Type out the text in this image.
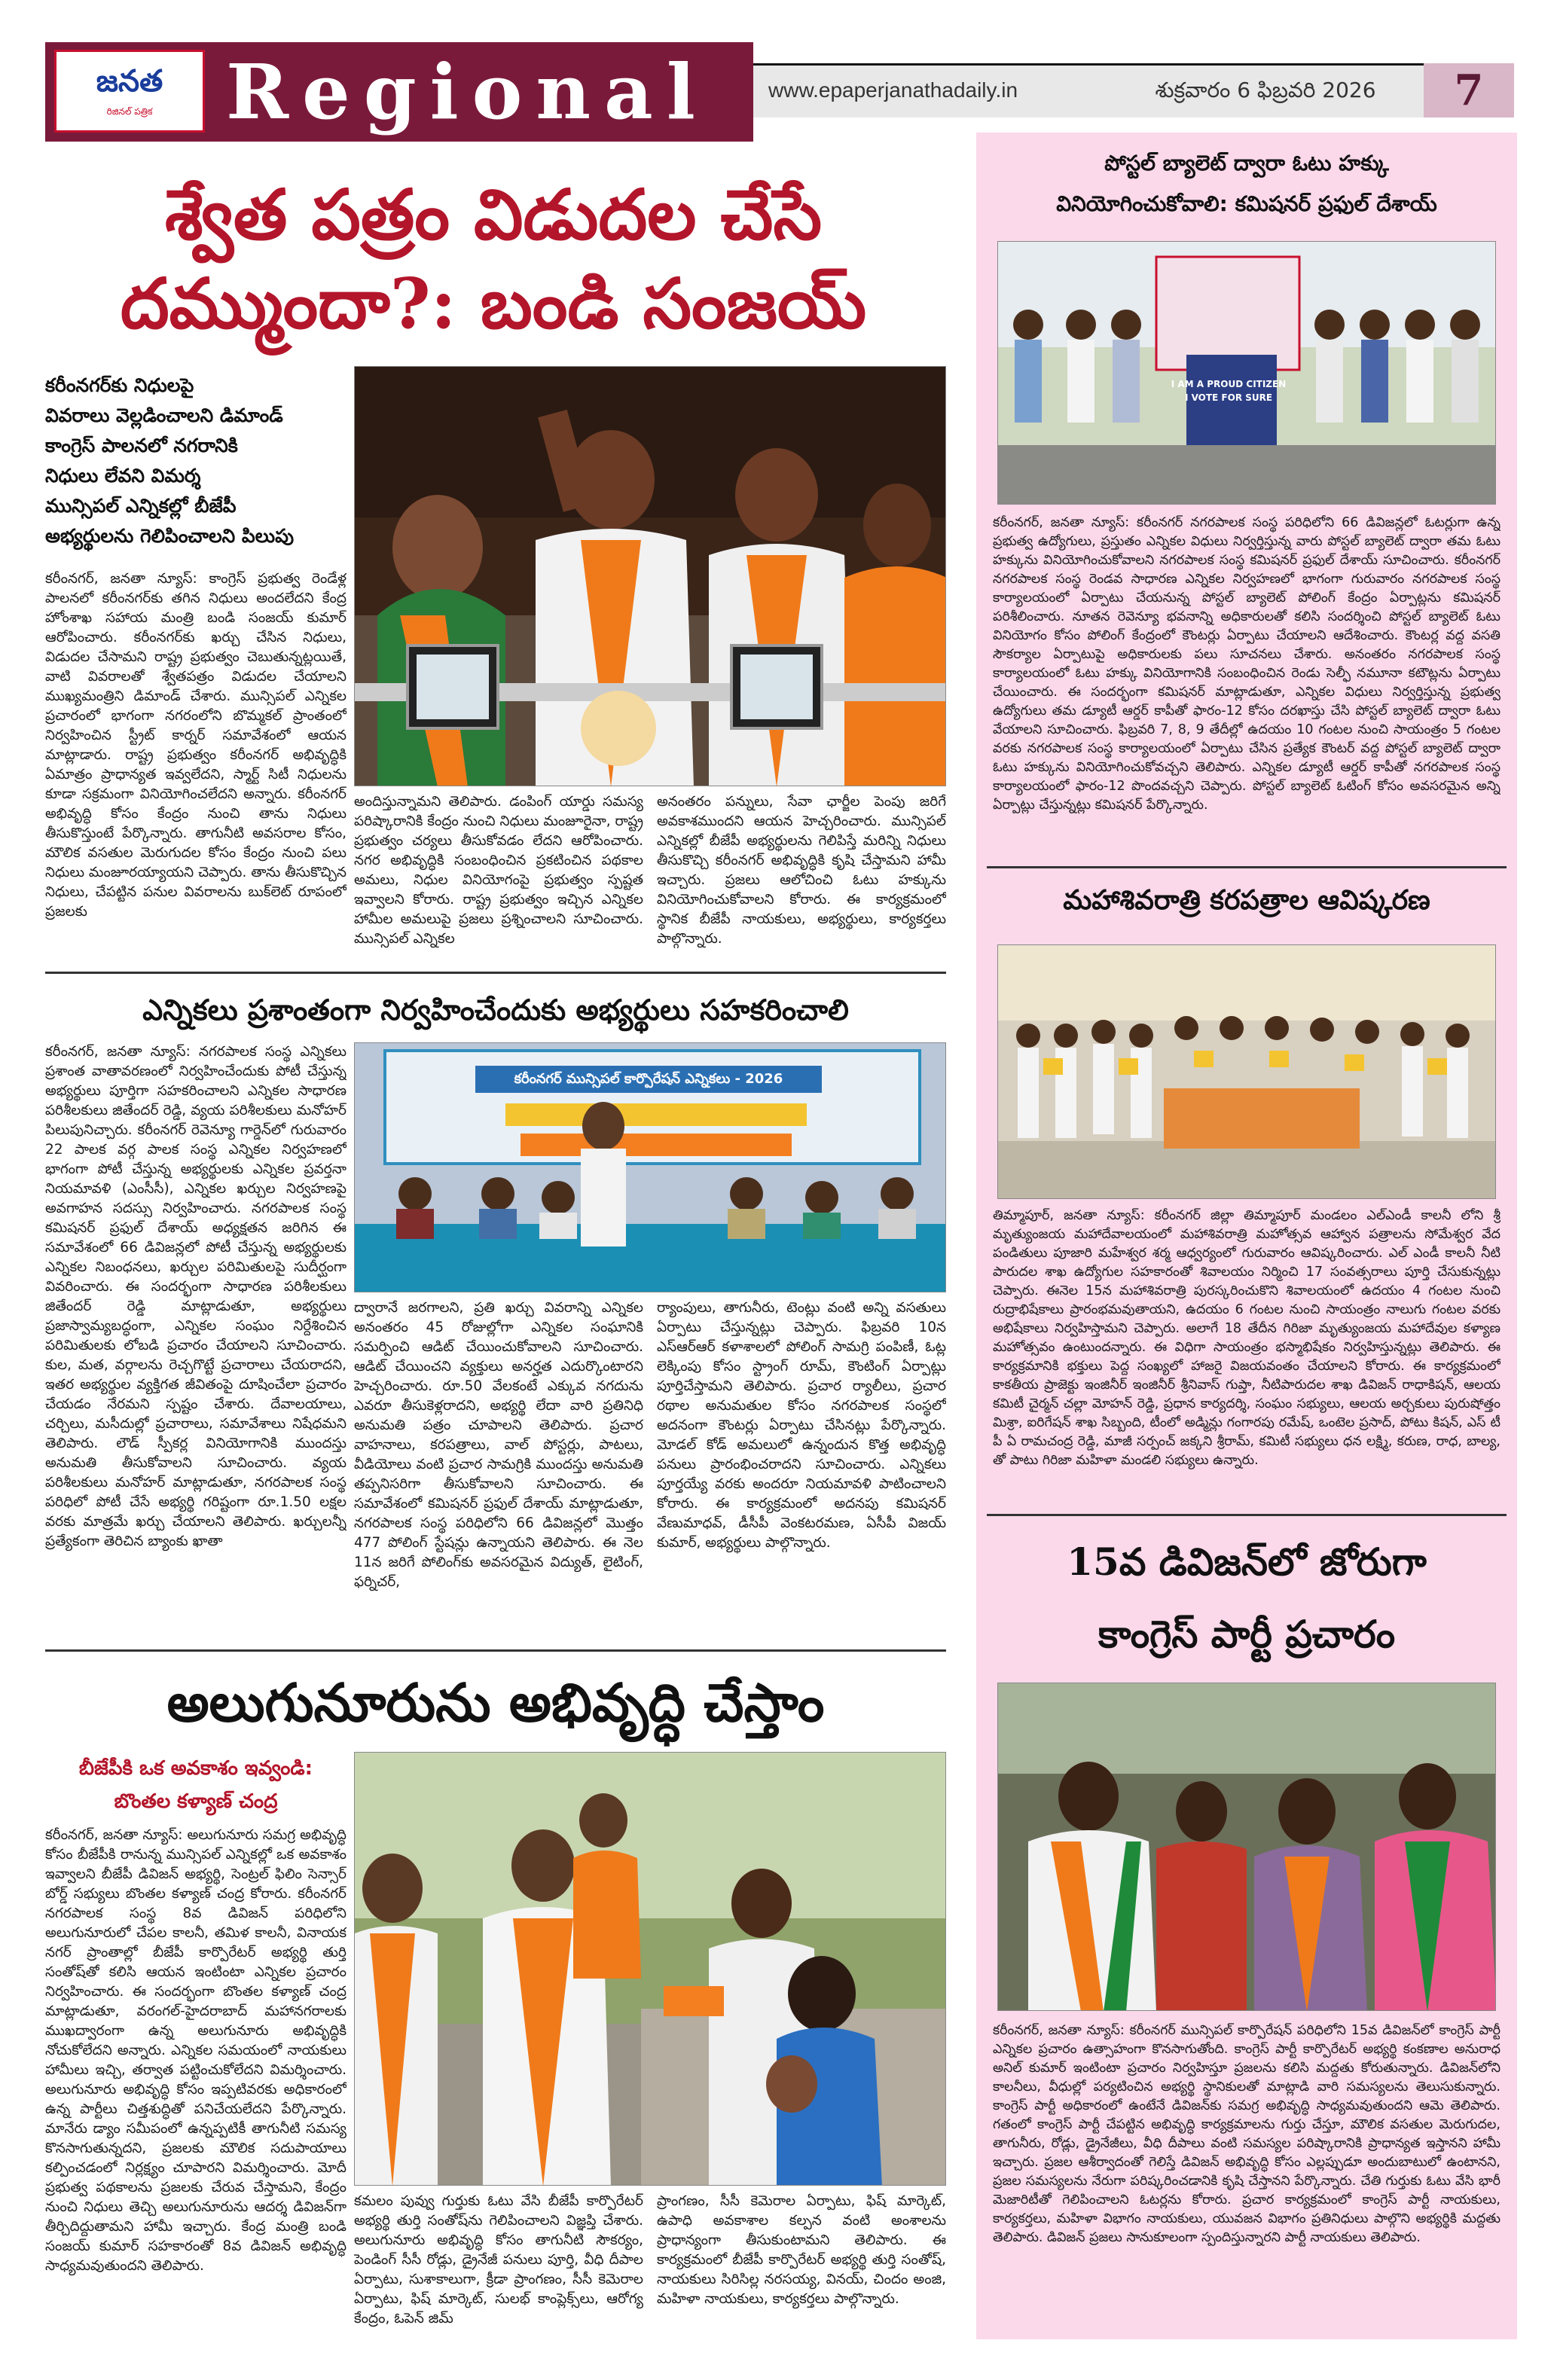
జనత
రిజినల్ పత్రిక Regional	www.epaperjanathadaily.in	శుక్రవారం 6 ఫిబ్రవరి 2026	7
శ్వేత పత్రం విడుదల చేసే
దమ్ముందా?: బండి సంజయ్
కరీంనగర్‌కు నిధులపై
వివరాలు వెల్లడించాలని డిమాండ్
కాంగ్రెస్ పాలనలో నగరానికి
నిధులు లేవని విమర్శ
మున్సిపల్ ఎన్నికల్లో బీజేపీ
అభ్యర్థులను గెలిపించాలని పిలుపు
కరీంనగర్, జనతా న్యూస్: కాంగ్రెస్ ప్రభుత్వ రెండేళ్ల పాలనలో కరీంనగర్‌కు తగిన నిధులు అందలేదని కేంద్ర హోంశాఖ సహాయ మంత్రి బండి సంజయ్ కుమార్ ఆరోపించారు. కరీంనగర్‌కు ఖర్చు చేసిన నిధులు, విడుదల చేసామని రాష్ట్ర ప్రభుత్వం చెబుతున్నట్లయితే, వాటి వివరాలతో శ్వేతపత్రం విడుదల చేయాలని ముఖ్యమంత్రిని డిమాండ్ చేశారు. మున్సిపల్ ఎన్నికల ప్రచారంలో భాగంగా నగరంలోని బొమ్మకల్ ప్రాంతంలో నిర్వహించిన స్ట్రీట్ కార్నర్ సమావేశంలో ఆయన మాట్లాడారు. రాష్ట్ర ప్రభుత్వం కరీంనగర్ అభివృద్ధికి ఏమాత్రం ప్రాధాన్యత ఇవ్వలేదని, స్మార్ట్ సిటీ నిధులను కూడా సక్రమంగా వినియోగించలేదని అన్నారు. కరీంనగర్ అభివృద్ధి కోసం కేంద్రం నుంచి తాను నిధులు తీసుకొస్తుంటే పేర్కొన్నారు. తాగునీటి అవసరాల కోసం, మౌలిక వసతుల మెరుగుదల కోసం కేంద్రం నుంచి పలు నిధులు మంజూరయ్యాయని చెప్పారు. తాను తీసుకొచ్చిన నిధులు, చేపట్టిన పనుల వివరాలను బుక్‌లెట్ రూపంలో ప్రజలకు
అందిస్తున్నామని తెలిపారు. డంపింగ్ యార్డు సమస్య పరిష్కారానికి కేంద్రం నుంచి నిధులు మంజూరైనా, రాష్ట్ర ప్రభుత్వం చర్యలు తీసుకోవడం లేదని ఆరోపించారు. నగర అభివృద్ధికి సంబంధించిన ప్రకటించిన పథకాల అమలు, నిధుల వినియోగంపై ప్రభుత్వం స్పష్టత ఇవ్వాలని కోరారు. రాష్ట్ర ప్రభుత్వం ఇచ్చిన ఎన్నికల హామీల అమలుపై ప్రజలు ప్రశ్నించాలని సూచించారు. మున్సిపల్ ఎన్నికల
అనంతరం పన్నులు, సేవా ఛార్జీల పెంపు జరిగే అవకాశముందని ఆయన హెచ్చరించారు. మున్సిపల్ ఎన్నికల్లో బీజేపీ అభ్యర్థులను గెలిపిస్తే మరిన్ని నిధులు తీసుకొచ్చి కరీంనగర్ అభివృద్ధికి కృషి చేస్తామని హామీ ఇచ్చారు. ప్రజలు ఆలోచించి ఓటు హక్కును వినియోగించుకోవాలని కోరారు. ఈ కార్యక్రమంలో స్థానిక బీజేపీ నాయకులు, అభ్యర్థులు, కార్యకర్తలు పాల్గొన్నారు.
ఎన్నికలు ప్రశాంతంగా నిర్వహించేందుకు అభ్యర్థులు సహకరించాలి
కరీంనగర్, జనతా న్యూస్: నగరపాలక సంస్థ ఎన్నికలు ప్రశాంత వాతావరణంలో నిర్వహించేందుకు పోటీ చేస్తున్న అభ్యర్థులు పూర్తిగా సహకరించాలని ఎన్నికల సాధారణ పరిశీలకులు జితేందర్ రెడ్డి, వ్యయ పరిశీలకులు మనోహర్ పిలుపునిచ్చారు. కరీంనగర్ రెవెన్యూ గార్డెన్‌లో గురువారం 22 పాలక వర్గ పాలక సంస్థ ఎన్నికల నిర్వహణలో భాగంగా పోటీ చేస్తున్న అభ్యర్థులకు ఎన్నికల ప్రవర్తనా నియమావళి (ఎంసీసీ), ఎన్నికల ఖర్చుల నిర్వహణపై అవగాహన సదస్సు నిర్వహించారు. నగరపాలక సంస్థ కమిషనర్ ప్రఫుల్ దేశాయ్ అధ్యక్షతన జరిగిన ఈ సమావేశంలో 66 డివిజన్లలో పోటీ చేస్తున్న అభ్యర్థులకు ఎన్నికల నిబంధనలు, ఖర్చుల పరిమితులపై సుదీర్ఘంగా వివరించారు. ఈ సందర్భంగా సాధారణ పరిశీలకులు జితేందర్ రెడ్డి మాట్లాడుతూ, అభ్యర్థులు ప్రజాస్వామ్యబద్ధంగా, ఎన్నికల సంఘం నిర్దేశించిన పరిమితులకు లోబడి ప్రచారం చేయాలని సూచించారు. కుల, మత, వర్గాలను రెచ్చగొట్టే ప్రచారాలు చేయరాదని, ఇతర అభ్యర్థుల వ్యక్తిగత జీవితంపై దూషించేలా ప్రచారం చేయడం నేరమని స్పష్టం చేశారు. దేవాలయాలు, చర్చిలు, మసీదుల్లో ప్రచారాలు, సమావేశాలు నిషేధమని తెలిపారు. లౌడ్ స్పీకర్ల వినియోగానికి ముందస్తు అనుమతి తీసుకోవాలని సూచించారు. వ్యయ పరిశీలకులు మనోహర్ మాట్లాడుతూ, నగరపాలక సంస్థ పరిధిలో పోటీ చేసే అభ్యర్థి గరిష్టంగా రూ.1.50 లక్షల వరకు మాత్రమే ఖర్చు చేయాలని తెలిపారు. ఖర్చులన్నీ ప్రత్యేకంగా తెరిచిన బ్యాంకు ఖాతా
కరీంనగర్ మున్సిపల్ కార్పొరేషన్ ఎన్నికలు - 2026
ద్వారానే జరగాలని, ప్రతి ఖర్చు వివరాన్ని ఎన్నికల అనంతరం 45 రోజుల్లోగా ఎన్నికల సంఘానికి సమర్పించి ఆడిట్ చేయించుకోవాలని సూచించారు. ఆడిట్ చేయించని వ్యక్తులు అనర్హత ఎదుర్కొంటారని హెచ్చరించారు. రూ.50 వేలకంటే ఎక్కువ నగదును ఎవరూ తీసుకెళ్లరాదని, అభ్యర్థి లేదా వారి ప్రతినిధి అనుమతి పత్రం చూపాలని తెలిపారు. ప్రచార వాహనాలు, కరపత్రాలు, వాల్ పోస్టర్లు, పాటలు, వీడియోలు వంటి ప్రచార సామగ్రికి ముందస్తు అనుమతి తప్పనిసరిగా తీసుకోవాలని సూచించారు. ఈ సమావేశంలో కమిషనర్ ప్రఫుల్ దేశాయ్ మాట్లాడుతూ, నగరపాలక సంస్థ పరిధిలోని 66 డివిజన్లలో మొత్తం 477 పోలింగ్ స్టేషన్లు ఉన్నాయని తెలిపారు. ఈ నెల 11న జరిగే పోలింగ్‌కు అవసరమైన విద్యుత్, లైటింగ్, ఫర్నిచర్,
ర్యాంపులు, తాగునీరు, టెంట్లు వంటి అన్ని వసతులు ఏర్పాటు చేస్తున్నట్లు చెప్పారు. ఫిబ్రవరి 10న ఎస్ఆర్ఆర్ కళాశాలలో పోలింగ్ సామగ్రి పంపిణీ, ఓట్ల లెక్కింపు కోసం స్ట్రాంగ్ రూమ్, కౌంటింగ్ ఏర్పాట్లు పూర్తిచేస్తామని తెలిపారు. ప్రచార ర్యాలీలు, ప్రచార రథాల అనుమతుల కోసం నగరపాలక సంస్థలో అదనంగా కౌంటర్లు ఏర్పాటు చేసినట్లు పేర్కొన్నారు. మోడల్ కోడ్ అమలులో ఉన్నందున కొత్త అభివృద్ధి పనులు ప్రారంభించరాదని సూచించారు. ఎన్నికలు పూర్తయ్యే వరకు అందరూ నియమావళి పాటించాలని కోరారు. ఈ కార్యక్రమంలో అదనపు కమిషనర్ వేణుమాధవ్, డీసీపీ వెంకటరమణ, ఏసీపీ విజయ్ కుమార్, అభ్యర్థులు పాల్గొన్నారు.
అలుగునూరును అభివృద్ధి చేస్తాం
బీజేపీకి ఒక అవకాశం ఇవ్వండి:
బొంతల కళ్యాణ్ చంద్ర
కరీంనగర్, జనతా న్యూస్: అలుగునూరు సమగ్ర అభివృద్ధి కోసం బీజేపీకి రానున్న మున్సిపల్ ఎన్నికల్లో ఒక అవకాశం ఇవ్వాలని బీజేపీ డివిజన్ అభ్యర్థి, సెంట్రల్ ఫిలిం సెన్సార్ బోర్డ్ సభ్యులు బొంతల కళ్యాణ్ చంద్ర కోరారు. కరీంనగర్ నగరపాలక సంస్థ 8వ డివిజన్ పరిధిలోని అలుగునూరులో చేపల కాలనీ, తమిళ కాలనీ, వినాయక నగర్ ప్రాంతాల్లో బీజేపీ కార్పొరేటర్ అభ్యర్థి తుర్తి సంతోష్‌తో కలిసి ఆయన ఇంటింటా ఎన్నికల ప్రచారం నిర్వహించారు. ఈ సందర్భంగా బొంతల కళ్యాణ్ చంద్ర మాట్లాడుతూ, వరంగల్-హైదరాబాద్ మహానగరాలకు ముఖద్వారంగా ఉన్న అలుగునూరు అభివృద్ధికి నోచుకోలేదని అన్నారు. ఎన్నికల సమయంలో నాయకులు హామీలు ఇచ్చి, తర్వాత పట్టించుకోలేదని విమర్శించారు. అలుగునూరు అభివృద్ధి కోసం ఇప్పటివరకు అధికారంలో ఉన్న పార్టీలు చిత్తశుద్ధితో పనిచేయలేదని పేర్కొన్నారు. మానేరు డ్యాం సమీపంలో ఉన్నప్పటికీ తాగునీటి సమస్య కొనసాగుతున్నదని, ప్రజలకు మౌలిక సదుపాయాలు కల్పించడంలో నిర్లక్ష్యం చూపారని విమర్శించారు. మోదీ ప్రభుత్వ పథకాలను ప్రజలకు చేరువ చేస్తామని, కేంద్రం నుంచి నిధులు తెచ్చి అలుగునూరును ఆదర్శ డివిజన్‌గా తీర్చిదిద్దుతామని హామీ ఇచ్చారు. కేంద్ర మంత్రి బండి సంజయ్ కుమార్ సహకారంతో 8వ డివిజన్ అభివృద్ధి సాధ్యమవుతుందని తెలిపారు.
కమలం పువ్వు గుర్తుకు ఓటు వేసి బీజేపీ కార్పొరేటర్ అభ్యర్థి తుర్తి సంతోష్‌ను గెలిపించాలని విజ్ఞప్తి చేశారు. అలుగునూరు అభివృద్ధి కోసం తాగునీటి సౌకర్యం, పెండింగ్ సీసీ రోడ్లు, డ్రైనేజీ పనులు పూర్తి, వీధి దీపాల ఏర్పాటు, సుశాకాలుగా, క్రీడా ప్రాంగణం, సీసీ కెమెరాల ఏర్పాటు, ఫిష్ మార్కెట్, సులభ్ కాంప్లెక్స్‌లు, ఆరోగ్య కేంద్రం, ఓపెన్ జిమ్
ప్రాంగణం, సీసీ కెమెరాల ఏర్పాటు, ఫిష్ మార్కెట్, ఉపాధి అవకాశాల కల్పన వంటి అంశాలను ప్రాధాన్యంగా తీసుకుంటామని తెలిపారు. ఈ కార్యక్రమంలో బీజేపీ కార్పొరేటర్ అభ్యర్థి తుర్తి సంతోష్, నాయకులు సిరిసిల్ల నరసయ్య, వినయ్, చిందం అంజి, మహిళా నాయకులు, కార్యకర్తలు పాల్గొన్నారు.
పోస్టల్ బ్యాలెట్ ద్వారా ఓటు హక్కు
వినియోగించుకోవాలి: కమిషనర్ ప్రఫుల్ దేశాయ్
I AM A PROUD CITIZEN I VOTE FOR SURE
కరీంనగర్, జనతా న్యూస్: కరీంనగర్ నగరపాలక సంస్థ పరిధిలోని 66 డివిజన్లలో ఓటర్లుగా ఉన్న ప్రభుత్వ ఉద్యోగులు, ప్రస్తుతం ఎన్నికల విధులు నిర్వర్తిస్తున్న వారు పోస్టల్ బ్యాలెట్ ద్వారా తమ ఓటు హక్కును వినియోగించుకోవాలని నగరపాలక సంస్థ కమిషనర్ ప్రఫుల్ దేశాయ్ సూచించారు. కరీంనగర్ నగరపాలక సంస్థ రెండవ సాధారణ ఎన్నికల నిర్వహణలో భాగంగా గురువారం నగరపాలక సంస్థ కార్యాలయంలో ఏర్పాటు చేయనున్న పోస్టల్ బ్యాలెట్ పోలింగ్ కేంద్రం ఏర్పాట్లను కమిషనర్ పరిశీలించారు. నూతన రెవెన్యూ భవనాన్ని అధికారులతో కలిసి సందర్శించి పోస్టల్ బ్యాలెట్ ఓటు వినియోగం కోసం పోలింగ్ కేంద్రంలో కౌంటర్లు ఏర్పాటు చేయాలని ఆదేశించారు. కౌంటర్ల వద్ద వసతి సౌకర్యాల ఏర్పాటుపై అధికారులకు పలు సూచనలు చేశారు. అనంతరం నగరపాలక సంస్థ కార్యాలయంలో ఓటు హక్కు వినియోగానికి సంబంధించిన రెండు సెల్ఫీ నమూనా కటౌట్లను ఏర్పాటు చేయించారు. ఈ సందర్భంగా కమిషనర్ మాట్లాడుతూ, ఎన్నికల విధులు నిర్వర్తిస్తున్న ప్రభుత్వ ఉద్యోగులు తమ డ్యూటీ ఆర్డర్ కాపీతో ఫారం-12 కోసం దరఖాస్తు చేసి పోస్టల్ బ్యాలెట్ ద్వారా ఓటు వేయాలని సూచించారు. ఫిబ్రవరి 7, 8, 9 తేదీల్లో ఉదయం 10 గంటల నుంచి సాయంత్రం 5 గంటల వరకు నగరపాలక సంస్థ కార్యాలయంలో ఏర్పాటు చేసిన ప్రత్యేక కౌంటర్ వద్ద పోస్టల్ బ్యాలెట్ ద్వారా ఓటు హక్కును వినియోగించుకోవచ్చని తెలిపారు. ఎన్నికల డ్యూటీ ఆర్డర్ కాపీతో నగరపాలక సంస్థ కార్యాలయంలో ఫారం-12 పొందవచ్చని చెప్పారు. పోస్టల్ బ్యాలెట్ ఓటింగ్ కోసం అవసరమైన అన్ని ఏర్పాట్లు చేస్తున్నట్లు కమిషనర్ పేర్కొన్నారు.
మహాశివరాత్రి కరపత్రాల ఆవిష్కరణ
తిమ్మాపూర్, జనతా న్యూస్: కరీంనగర్ జిల్లా తిమ్మాపూర్ మండలం ఎల్ఎండీ కాలనీ లోని శ్రీ మృత్యుంజయ మహాదేవాలయంలో మహాశివరాత్రి మహోత్సవ ఆహ్వాన పత్రాలను సోమేశ్వర వేద పండితులు పూజారి మహేశ్వర శర్మ ఆధ్వర్యంలో గురువారం ఆవిష్కరించారు. ఎల్ ఎండీ కాలనీ నీటి పారుదల శాఖ ఉద్యోగుల సహకారంతో శివాలయం నిర్మించి 17 సంవత్సరాలు పూర్తి చేసుకున్నట్లు చెప్పారు. ఈనెల 15న మహాశివరాత్రి పురస్కరించుకొని శివాలయంలో ఉదయం 4 గంటల నుంచి రుద్రాభిషేకాలు ప్రారంభమవుతాయని, ఉదయం 6 గంటల నుంచి సాయంత్రం నాలుగు గంటల వరకు అభిషేకాలు నిర్వహిస్తామని చెప్పారు. అలాగే 18 తేదీన గిరిజా మృత్యుంజయ మహాదేవుల కళ్యాణ మహోత్సవం ఉంటుందన్నారు. ఈ విధిగా సాయంత్రం భస్మాభిషేకం నిర్వహిస్తున్నట్లు తెలిపారు. ఈ కార్యక్రమానికి భక్తులు పెద్ద సంఖ్యలో హాజరై విజయవంతం చేయాలని కోరారు. ఈ కార్యక్రమంలో కాకతీయ ప్రాజెక్టు ఇంజినీర్ ఇంజినీర్ శ్రీనివాస్ గుప్తా, నీటిపారుదల శాఖ డివిజన్ రాధాకిషన్, ఆలయ కమిటీ చైర్మన్ చల్లా మోహన్ రెడ్డి, ప్రధాన కార్యదర్శి, సంఘం సభ్యులు, ఆలయ అర్చకులు పురుషోత్తం మిశ్రా, ఐరిగేషన్ శాఖ సిబ్బంది, టీంలో అడ్మిన్లు గంగారపు రమేష్, ఒంటెల ప్రసాద్, పోటు కిషన్, ఎస్ టీ పీ ఏ రామచంద్ర రెడ్డి, మాజీ సర్పంచ్ జక్కని శ్రీరామ్, కమిటీ సభ్యులు ధన లక్ష్మి, కరుణ, రాధ, బాల్య, తో పాటు గిరిజా మహిళా మండలి సభ్యులు ఉన్నారు.
15వ డివిజన్‌లో జోరుగా
కాంగ్రెస్ పార్టీ ప్రచారం
కరీంనగర్, జనతా న్యూస్: కరీంనగర్ మున్సిపల్ కార్పొరేషన్ పరిధిలోని 15వ డివిజన్‌లో కాంగ్రెస్ పార్టీ ఎన్నికల ప్రచారం ఉత్సాహంగా కొనసాగుతోంది. కాంగ్రెస్ పార్టీ కార్పొరేటర్ అభ్యర్థి కంకణాల అనురాధ అనిల్ కుమార్ ఇంటింటా ప్రచారం నిర్వహిస్తూ ప్రజలను కలిసి మద్దతు కోరుతున్నారు. డివిజన్‌లోని కాలనీలు, వీధుల్లో పర్యటించిన అభ్యర్థి స్థానికులతో మాట్లాడి వారి సమస్యలను తెలుసుకున్నారు. కాంగ్రెస్ పార్టీ అధికారంలో ఉంటేనే డివిజన్‌కు సమగ్ర అభివృద్ధి సాధ్యమవుతుందని ఆమె తెలిపారు. గతంలో కాంగ్రెస్ పార్టీ చేపట్టిన అభివృద్ధి కార్యక్రమాలను గుర్తు చేస్తూ, మౌలిక వసతుల మెరుగుదల, తాగునీరు, రోడ్లు, డ్రైనేజీలు, వీధి దీపాలు వంటి సమస్యల పరిష్కారానికి ప్రాధాన్యత ఇస్తానని హామీ ఇచ్చారు. ప్రజల ఆశీర్వాదంతో గెలిస్తే డివిజన్ అభివృద్ధి కోసం ఎల్లప్పుడూ అందుబాటులో ఉంటానని, ప్రజల సమస్యలను నేరుగా పరిష్కరించడానికి కృషి చేస్తానని పేర్కొన్నారు. చేతి గుర్తుకు ఓటు వేసి భారీ మెజారిటీతో గెలిపించాలని ఓటర్లను కోరారు. ప్రచార కార్యక్రమంలో కాంగ్రెస్ పార్టీ నాయకులు, కార్యకర్తలు, మహిళా విభాగం నాయకులు, యువజన విభాగం ప్రతినిధులు పాల్గొని అభ్యర్థికి మద్దతు తెలిపారు. డివిజన్ ప్రజలు సానుకూలంగా స్పందిస్తున్నారని పార్టీ నాయకులు తెలిపారు.
